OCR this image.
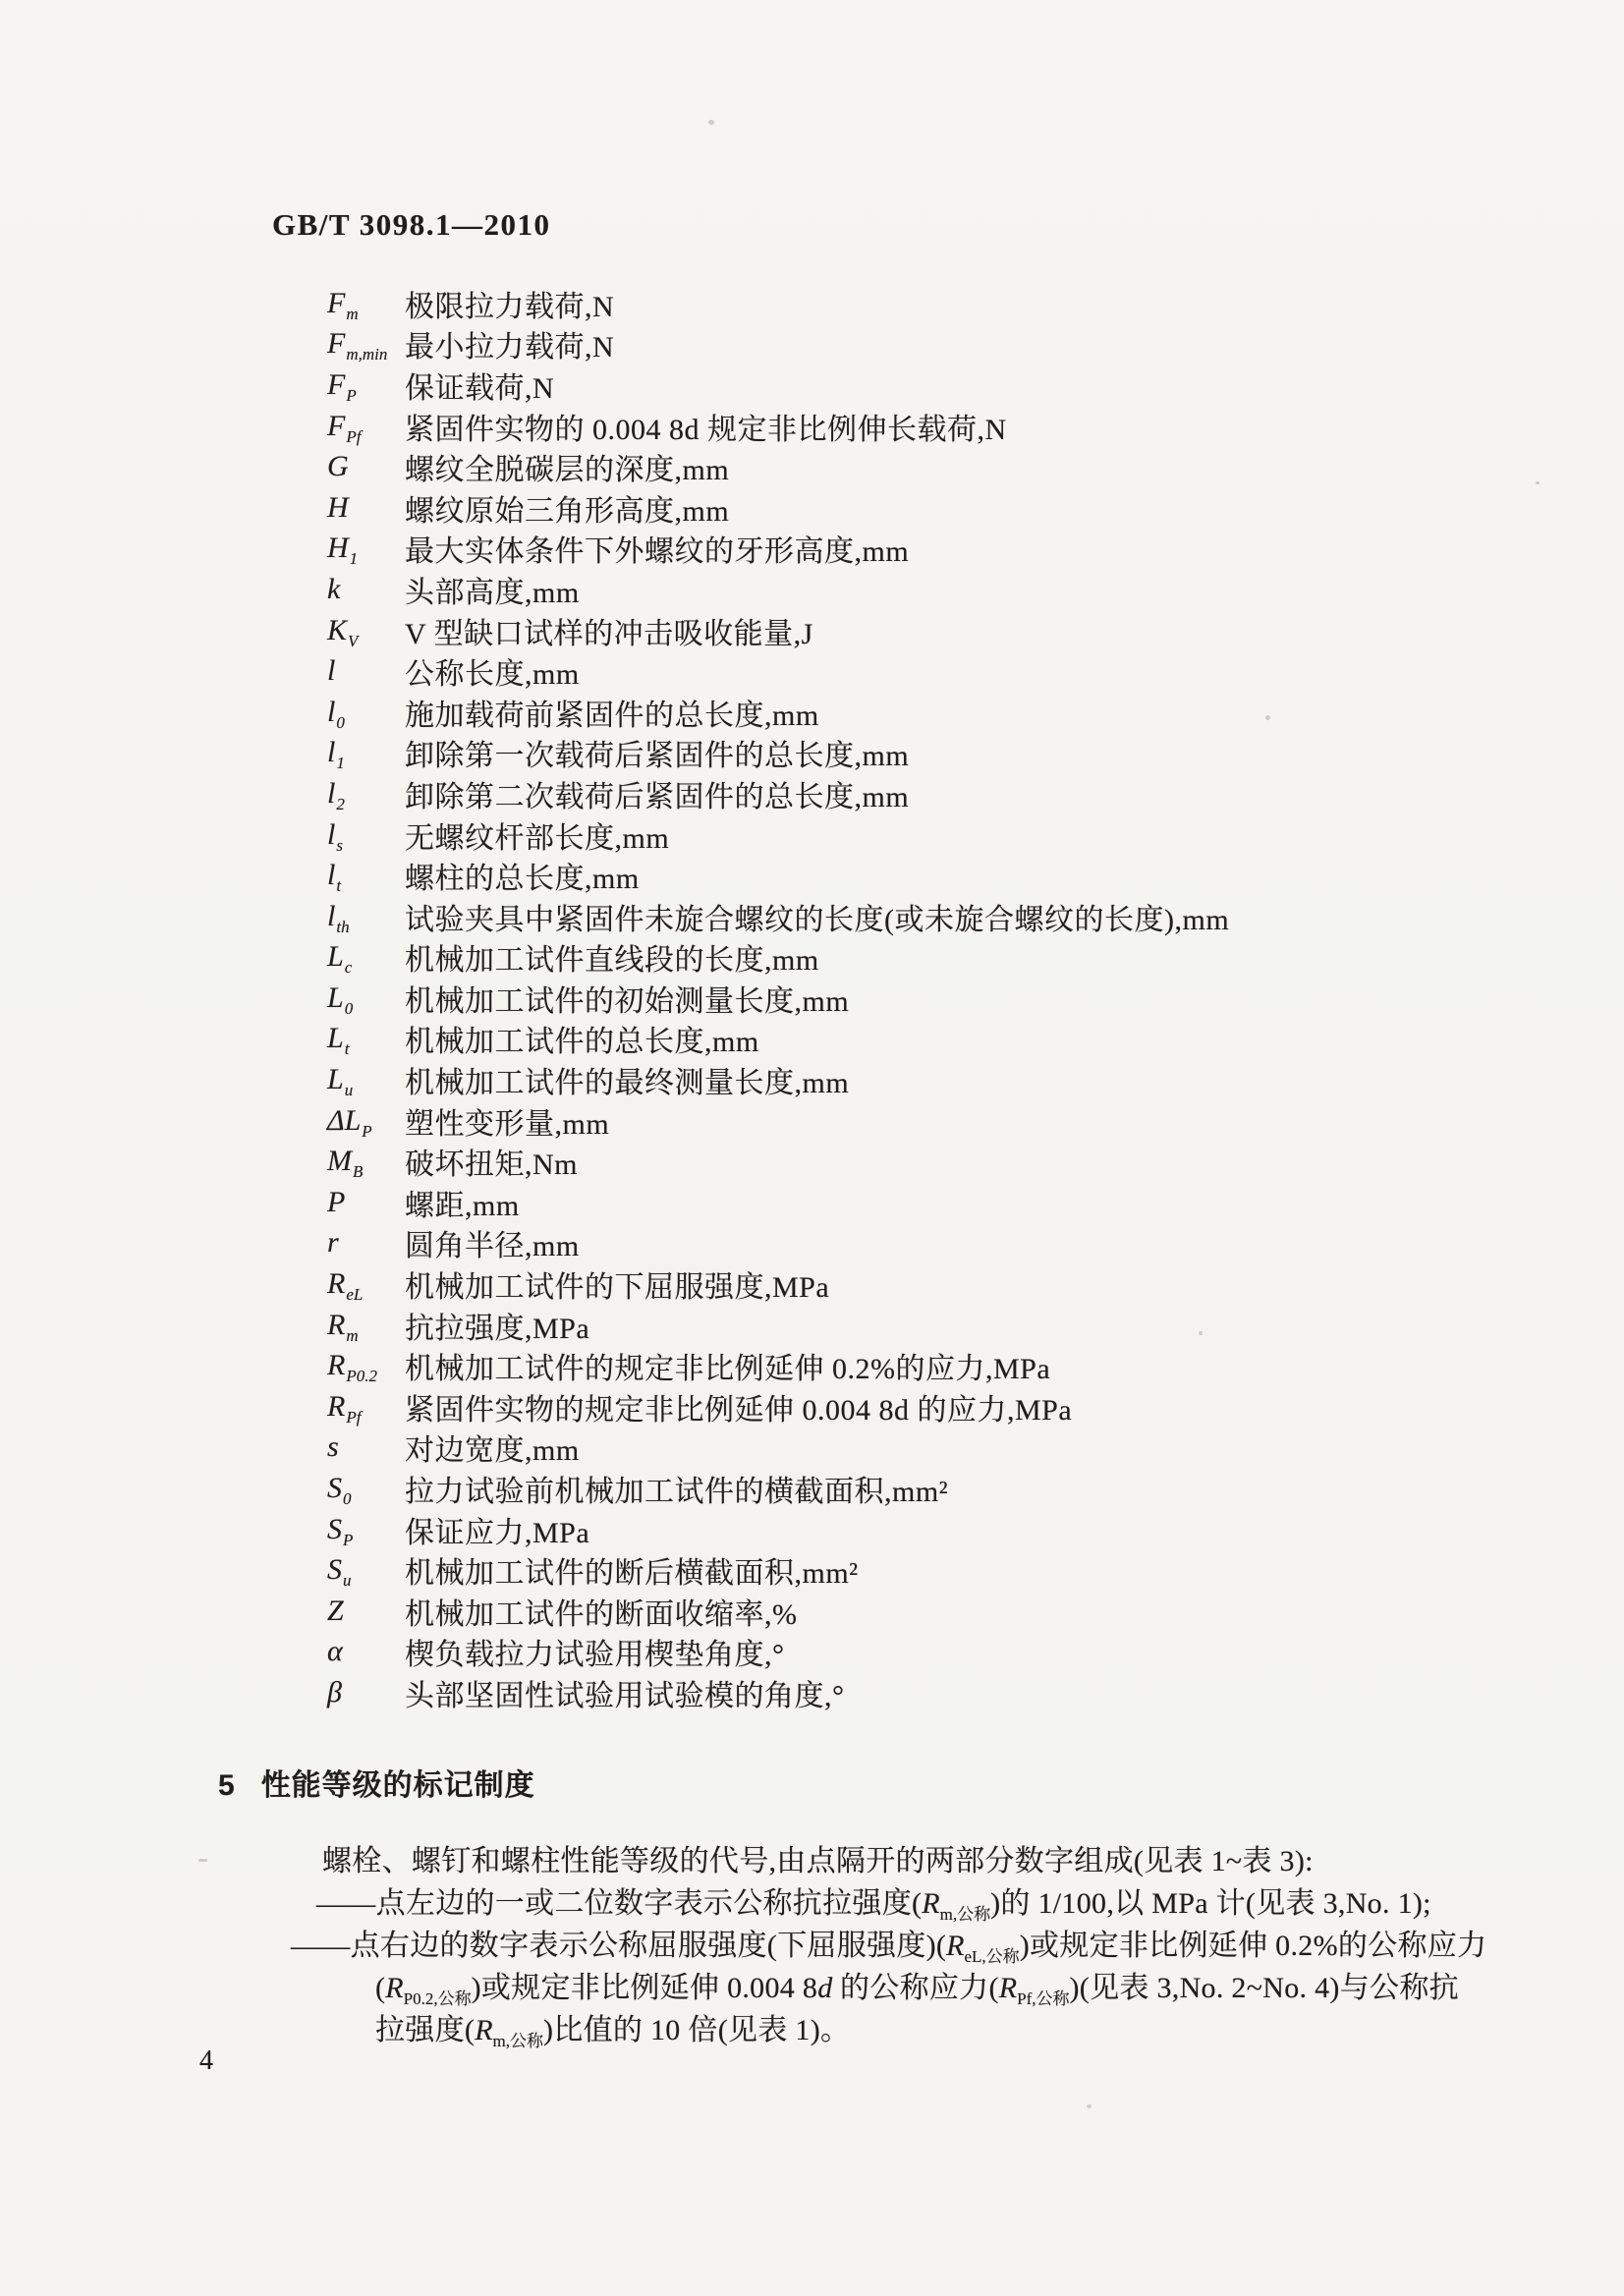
GB/T 3098.1—2010
$F_m$	极限拉力载荷,N
$F_{m,min}$ 最小拉力载荷,N
$F_P$	保证载荷,N
$F_{Pf}$	紧固件实物的 0.004 8d 规定非比例伸长载荷,N
G	螺纹全脱碳层的深度,mm
H	螺纹原始三角形高度,mm
$H_1$	最大实体条件下外螺纹的牙形高度,mm
k	头部高度,mm
$K_V$	V 型缺口试样的冲击吸收能量,J
l	公称长度,mm
$l_0$	施加载荷前紧固件的总长度,mm
$l_1$	卸除第一次载荷后紧固件的总长度,mm
$l_2$	卸除第二次载荷后紧固件的总长度,mm
$l_s$	无螺纹杆部长度,mm
$l_t$	螺柱的总长度,mm
$l_{th}$	试验夹具中紧固件未旋合螺纹的长度(或未旋合螺纹的长度),mm
$L_c$	机械加工试件直线段的长度,mm
$L_0$	机械加工试件的初始测量长度,mm
$L_t$	机械加工试件的总长度,mm
$L_u$	机械加工试件的最终测量长度,mm
$\Delta L_P$	塑性变形量,mm
$M_B$	破坏扭矩,Nm
P	螺距,mm
r	圆角半径,mm
$R_{eL}$	机械加工试件的下屈服强度,MPa
$R_m$	抗拉强度,MPa
$R_{P0.2}$ 机械加工试件的规定非比例延伸 0.2%的应力,MPa
$R_{Pf}$	紧固件实物的规定非比例延伸 0.004 8d 的应力,MPa
s	对边宽度,mm
$S_0$	拉力试验前机械加工试件的横截面积,mm²
$S_P$	保证应力,MPa
$S_u$	机械加工试件的断后横截面积,mm²
Z	机械加工试件的断面收缩率,%
α	楔负载拉力试验用楔垫角度,°
β	头部坚固性试验用试验模的角度,°
5 性能等级的标记制度
螺栓、螺钉和螺柱性能等级的代号,由点隔开的两部分数字组成(见表 1~表 3):
——点左边的一或二位数字表示公称抗拉强度$(R_{m,公称})$的 1/100,以 MPa 计(见表 3,No. 1);
——点右边的数字表示公称屈服强度(下屈服强度)$(R_{eL,公称})$或规定非比例延伸 0.2%的公称应力
$(R_{P0.2,公称})$或规定非比例延伸 0.004 8d 的公称应力$(R_{Pf,公称})$(见表 3,No. 2~No. 4)与公称抗
拉强度$(R_{m,公称})$比值的 10 倍(见表 1)。
4
